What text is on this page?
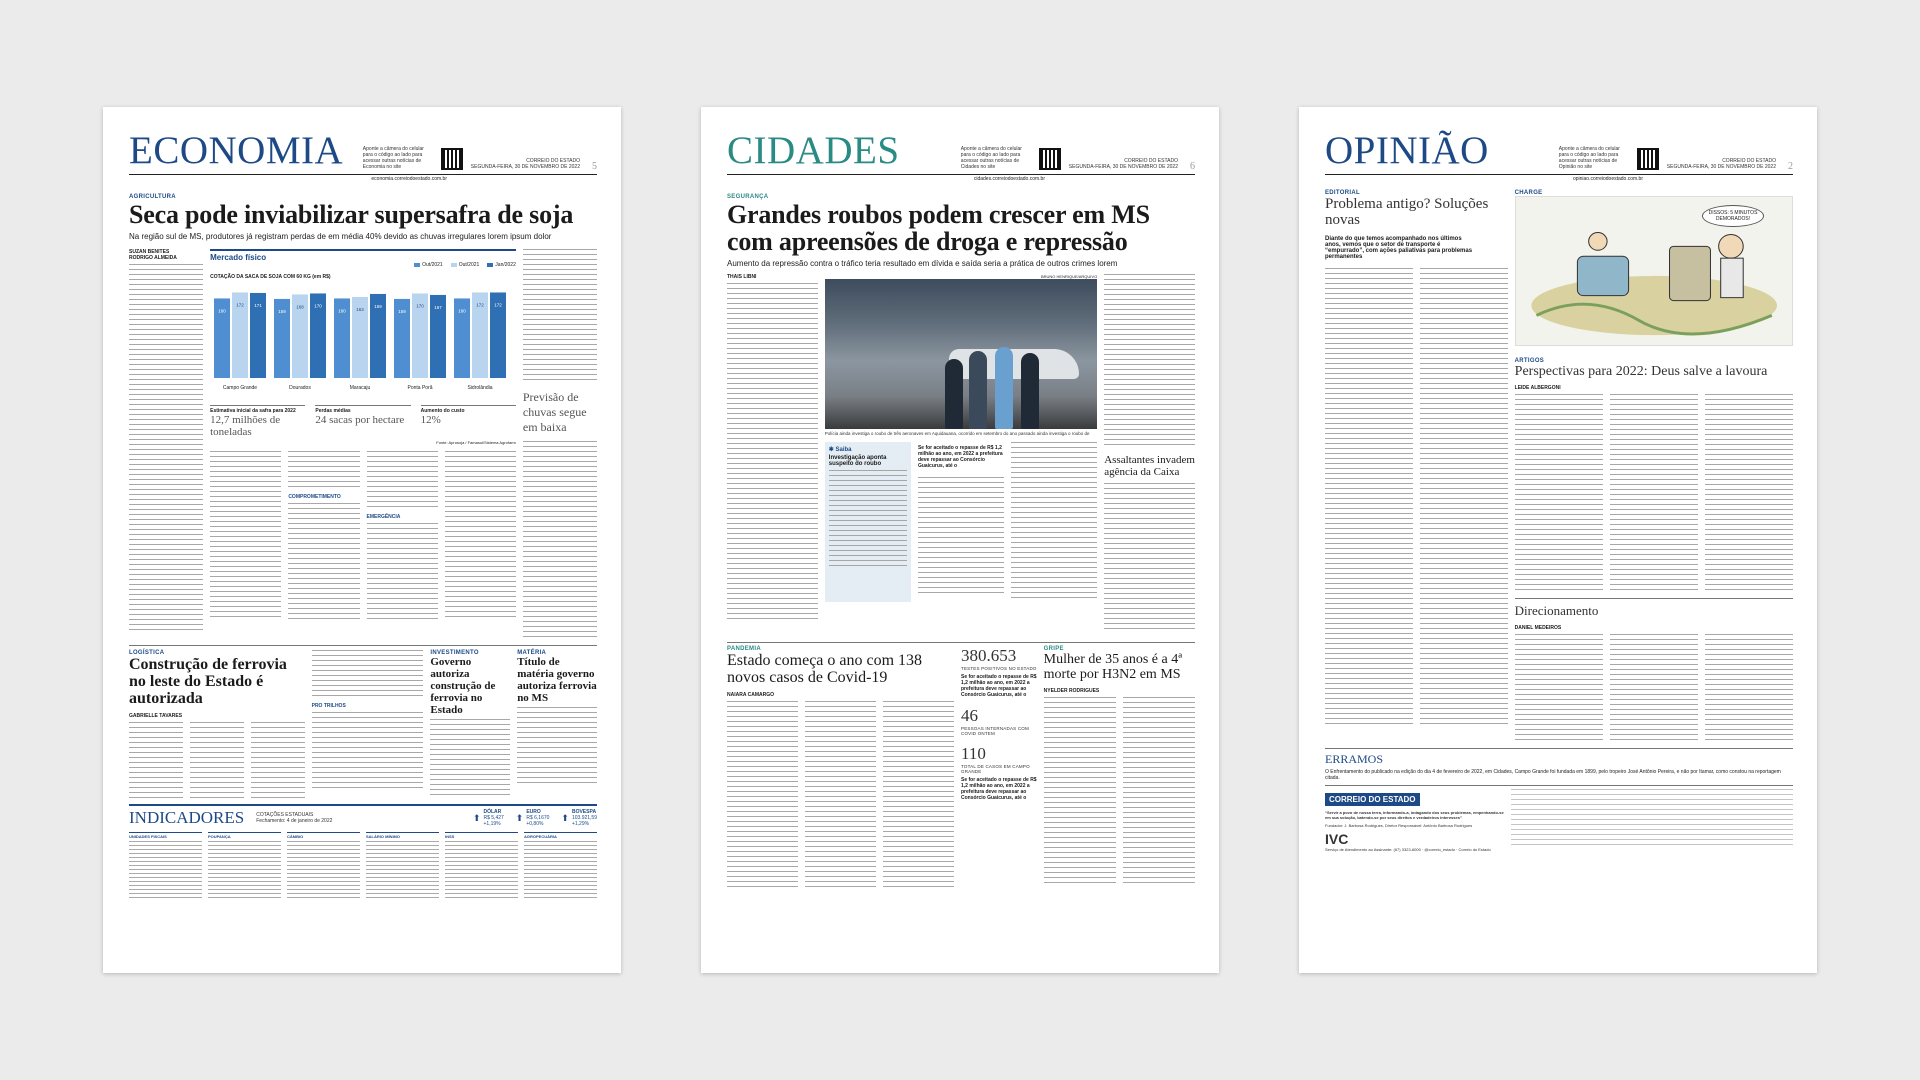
ECONOMIA	Aponte a câmera do celular para o código ao lado para acessar outras notícias de Economia no site
CORREIO DO ESTADO
SEGUNDA-FEIRA, 30 DE NOVEMBRO DE 2022 5
economia.correiodoestado.com.br
AGRICULTURA
Seca pode inviabilizar supersafra de soja
Na região sul de MS, produtores já registram perdas de em média 40% devido as chuvas irregulares lorem ipsum dolor
SUZAN BENITES
RODRIGO ALMEIDA	Mercado físico
Out/2021	Out/2021	Jan/2022
COTAÇÃO DA SACA DE SOJA COM 60 KG (em R$)
160
172 171
Campo Grande
159
168 170
Dourados
160 163
169
Maracaju
159
170 167
Ponta Porã
160
172 172
Sidrolândia
Estimativa inicial da safra para 2022
12,7 milhões de toneladas
Perdas médias
24 sacas por hectare
Aumento do custo
12%
Fonte: Aprosoja / Famasul/Sistema Agrofarm
COMPROMETIMENTO
EMERGÊNCIA
Previsão de chuvas segue em baixa
LOGÍSTICA
Construção de ferrovia no leste do Estado é autorizada
GABRIELLE TAVARES
PRO TRILHOS
INVESTIMENTO
Governo autoriza construção de ferrovia no Estado
MATÉRIA
Título de matéria governo autoriza ferrovia no MS
INDICADORES COTAÇÕES ESTADUAIS
Fechamento: 4 de janeiro de 2022	⬆
DÓLAR
R$ 5,427
+1,19%
⬆
EURO
R$ 6,1670
+0,80%
⬆
BOVESPA
103.921,59
+1,29%
UNIDADES FISCAIS	POUPANÇA	CÂMBIO	SALÁRIO MÍNIMO	INSS	AGROPECUÁRIA
CIDADES	Aponte a câmera do celular para o código ao lado para acessar outras notícias de Cidades no site
CORREIO DO ESTADO
SEGUNDA-FEIRA, 30 DE NOVEMBRO DE 2022 6
cidades.correiodoestado.com.br
SEGURANÇA
Grandes roubos podem crescer em MS com apreensões de droga e repressão
Aumento da repressão contra o tráfico teria resultado em dívida e saída seria a prática de outros crimes lorem
THAIS LIBNI	BRUNO HENRIQUE/ARQUIVO
Polícia ainda investiga o roubo de três aeronaves em Aquidauana, ocorrido em setembro do ano passado ainda investiga o roubo de
✱ Saiba
Investigação aponta suspeito do roubo
Se for aceitado o repasse de R$ 1,2 milhão ao ano, em 2022 a prefeitura deve repassar ao Consórcio Guaicurus, até o	Assaltantes invadem agência da Caixa
PANDEMIA
Estado começa o ano com 138 novos casos de Covid-19
NAIARA CAMARGO
380.653
TESTES POSITIVOS NO ESTADO
Se for aceitado o repasse de R$ 1,2 milhão ao ano, em 2022 a prefeitura deve repassar ao Consórcio Guaicurus, até o
46
PESSOAS INTERNADAS COM COVID ONTEM
110
TOTAL DE CASOS EM CAMPO GRANDE
Se for aceitado o repasse de R$ 1,2 milhão ao ano, em 2022 a prefeitura deve repassar ao Consórcio Guaicurus, até o
GRIPE
Mulher de 35 anos é a 4ª morte por H3N2 em MS
NYELDER RODRIGUES
OPINIÃO	Aponte a câmera do celular para o código ao lado para acessar outras notícias de Opinião no site
CORREIO DO ESTADO
SEGUNDA-FEIRA, 30 DE NOVEMBRO DE 2022 2
opiniao.correiodoestado.com.br
EDITORIAL
Problema antigo? Soluções novas
Diante do que temos acompanhado nos últimos anos, vemos que o setor de transporte é “empurrado”, com ações paliativas para problemas permanentes
CHARGE
DISSOS: 5 MINUTOS DEMORADOS!
ARTIGOS
Perspectivas para 2022: Deus salve a lavoura
LEIDE ALBERGONI
Direcionamento
DANIEL MEDEIROS
ERRAMOS
O Enfrentamento do publicado na edição do dia 4 de fevereiro de 2022, em Cidades, Campo Grande foi fundada em 1899, pelo tropeiro José Antônio Pereira, e não por Itamar, como constou na reportagem citada.
CORREIO DO ESTADO
“Servir a povo de nossa terra, informando-a, indagando dos seus problemas, empenhando-se em sua solução, batendo-se por seus direitos e verdadeiros interesses”
Fundador: J. Barbosa Rodrigues, Diretor Responsável: Antônio Barbosa Rodrigues
IVC
Serviço de Atendimento ao Assinante: (67) 3323-6000 · @correio_estado · Correio do Estado
